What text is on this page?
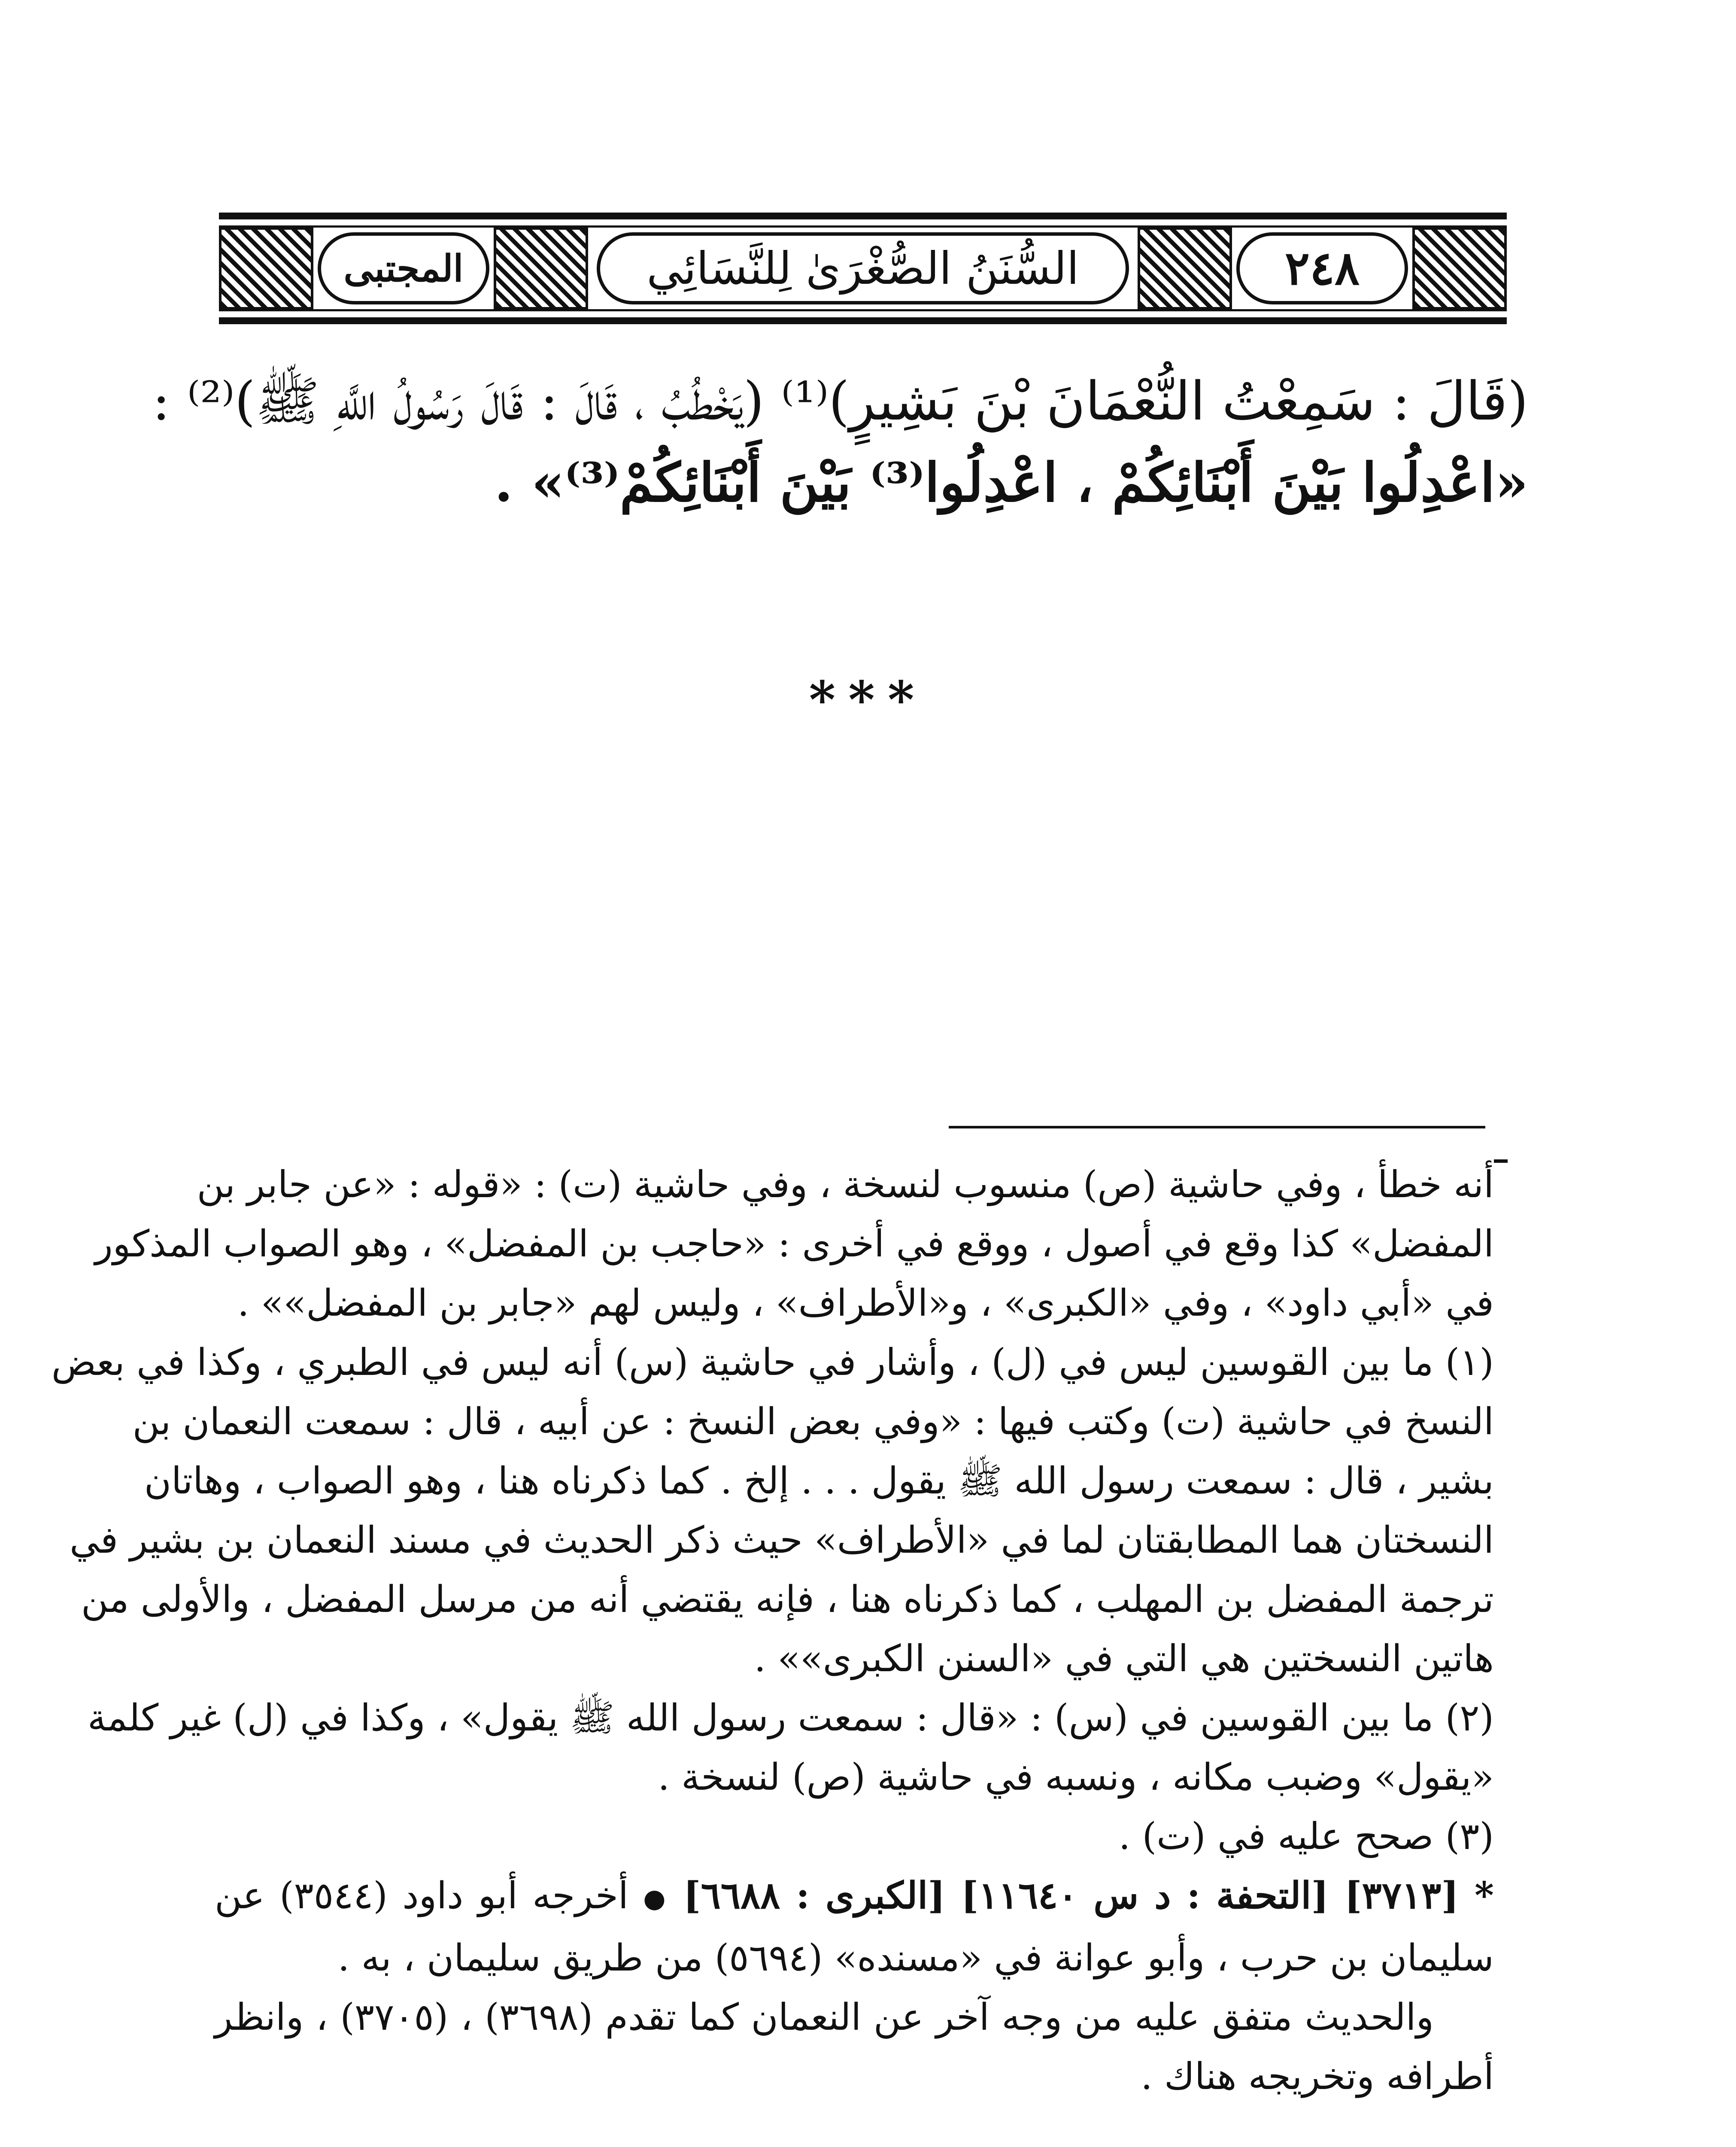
المجتبى	السُّنَنُ الصُّغْرَىٰ لِلنَّسَائِي	٢٤٨
(قَالَ : سَمِعْتُ النُّعْمَانَ بْنَ بَشِيرٍ)⁽¹⁾ (يَخْطُبُ ، قَالَ : قَالَ رَسُولُ اللَّهِ ﷺ)⁽²⁾ :
«اعْدِلُوا بَيْنَ أَبْنَائِكُمْ ، اعْدِلُوا⁽³⁾ بَيْنَ أَبْنَائِكُمْ⁽³⁾» .
***
أنه خطأ ، وفي حاشية (ص) منسوب لنسخة ، وفي حاشية (ت) : «قوله : «عن جابر بن
المفضل» كذا وقع في أصول ، ووقع في أخرى : «حاجب بن المفضل» ، وهو الصواب المذكور
في «أبي داود» ، وفي «الكبرى» ، و«الأطراف» ، وليس لهم «جابر بن المفضل»» .
(١) ما بين القوسين ليس في (ل) ، وأشار في حاشية (س) أنه ليس في الطبري ، وكذا في بعض
النسخ في حاشية (ت) وكتب فيها : «وفي بعض النسخ : عن أبيه ، قال : سمعت النعمان بن
بشير ، قال : سمعت رسول الله ﷺ يقول . . . إلخ . كما ذكرناه هنا ، وهو الصواب ، وهاتان
النسختان هما المطابقتان لما في «الأطراف» حيث ذكر الحديث في مسند النعمان بن بشير في
ترجمة المفضل بن المهلب ، كما ذكرناه هنا ، فإنه يقتضي أنه من مرسل المفضل ، والأولى من
هاتين النسختين هي التي في «السنن الكبرى»» .
(٢) ما بين القوسين في (س) : «قال : سمعت رسول الله ﷺ يقول» ، وكذا في (ل) غير كلمة
«يقول» وضبب مكانه ، ونسبه في حاشية (ص) لنسخة .
(٣) صحح عليه في (ت) .
* [٣٧١٣] [التحفة : د س ١١٦٤٠] [الكبرى : ٦٦٨٨] ● أخرجه أبو داود (٣٥٤٤) عن
سليمان بن حرب ، وأبو عوانة في «مسنده» (٥٦٩٤) من طريق سليمان ، به .
والحديث متفق عليه من وجه آخر عن النعمان كما تقدم (٣٦٩٨) ، (٣٧٠٥) ، وانظر
أطرافه وتخريجه هناك .
